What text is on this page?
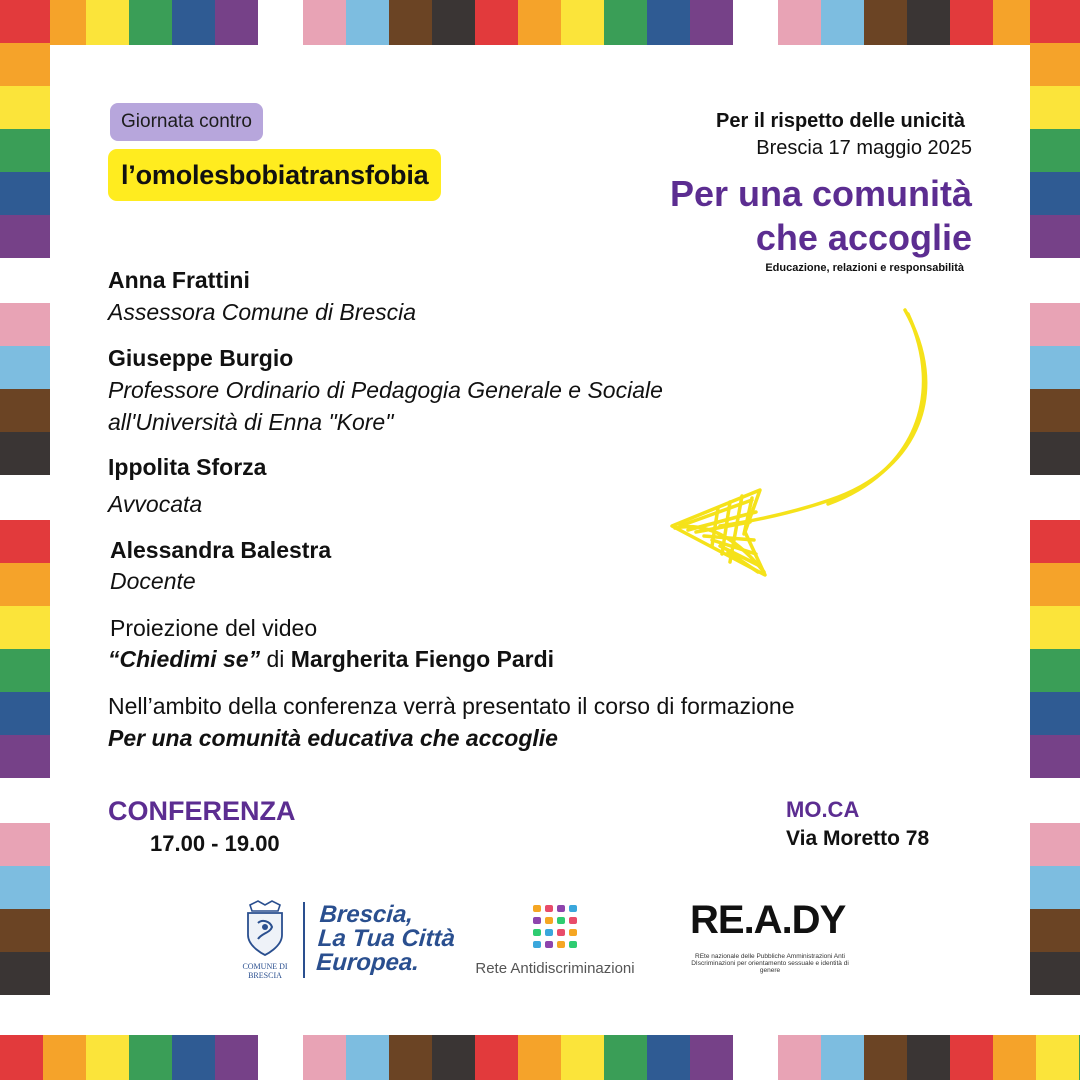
Giornata contro
l’omolesbobiatransfobia
Per il rispetto delle unicità
Brescia 17 maggio 2025
Per una comunità
che accoglie
Educazione, relazioni e responsabilità
Anna Frattini
Assessora Comune di Brescia
Giuseppe Burgio
Professore Ordinario di Pedagogia Generale e Sociale
all'Università di Enna "Kore"
Ippolita Sforza
Avvocata
Alessandra Balestra
Docente
Proiezione del video
“Chiedimi se” di Margherita Fiengo Pardi
Nell’ambito della conferenza verrà presentato il corso di formazione
Per una comunità educativa che accoglie
CONFERENZA
17.00 - 19.00
MO.CA
Via Moretto 78
COMUNE DI
BRESCIA
Brescia,
La Tua Città
Europea.	Rete Antidiscriminazioni
RE.A.DY
REte nazionale delle Pubbliche Amministrazioni Anti DIscriminazioni per orientamento sessuale e identità di genere
